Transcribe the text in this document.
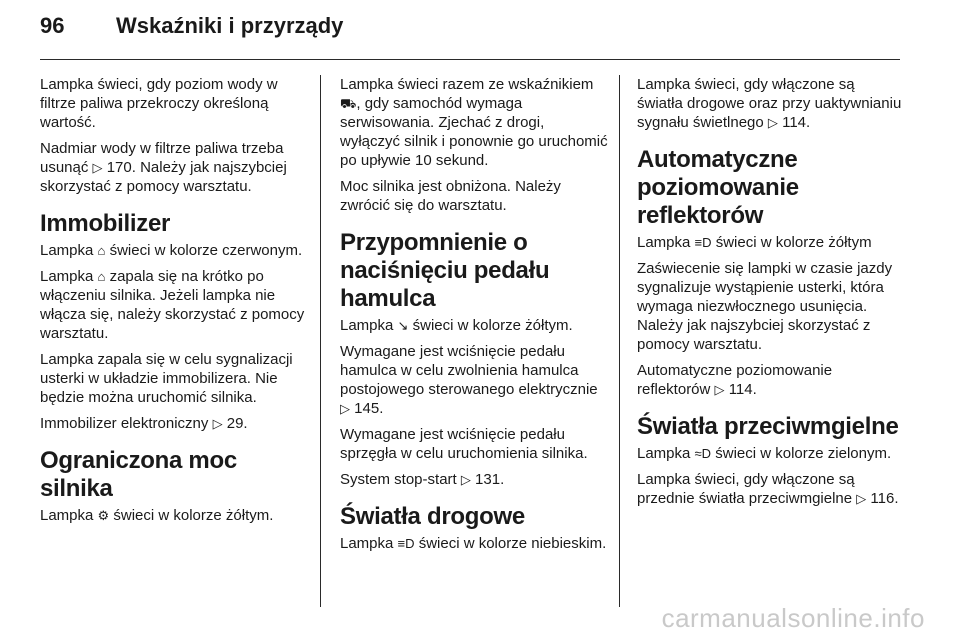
96 Wskaźniki i przyrządy

Lampka świeci, gdy poziom wody w filtrze paliwa przekroczy określoną wartość.

Nadmiar wody w filtrze paliwa trzeba usunąć ▷ 170. Należy jak najszybciej skorzystać z pomocy warsztatu.

Immobilizer

Lampka ⌂ świeci w kolorze czerwonym.

Lampka ⌂ zapala się na krótko po włączeniu silnika. Jeżeli lampka nie włącza się, należy skorzystać z pomocy warsztatu.

Lampka zapala się w celu sygnalizacji usterki w układzie immobilizera. Nie będzie można uruchomić silnika.

Immobilizer elektroniczny ▷ 29.

Ograniczona moc silnika

Lampka ⚙ świeci w kolorze żółtym.

Lampka świeci razem ze wskaźnikiem ⛟, gdy samochód wymaga serwisowania. Zjechać z drogi, wyłączyć silnik i ponownie go uruchomić po upływie 10 sekund.

Moc silnika jest obniżona. Należy zwrócić się do warsztatu.

Przypomnienie o naciśnięciu pedału hamulca

Lampka ↘ świeci w kolorze żółtym.

Wymagane jest wciśnięcie pedału hamulca w celu zwolnienia hamulca postojowego sterowanego elektrycznie ▷ 145.

Wymagane jest wciśnięcie pedału sprzęgła w celu uruchomienia silnika.

System stop-start ▷ 131.

Światła drogowe

Lampka ≡D świeci w kolorze niebieskim.

Lampka świeci, gdy włączone są światła drogowe oraz przy uaktywnianiu sygnału świetlnego ▷ 114.

Automatyczne poziomowanie reflektorów

Lampka ≡D świeci w kolorze żółtym

Zaświecenie się lampki w czasie jazdy sygnalizuje wystąpienie usterki, która wymaga niezwłocznego usunięcia. Należy jak najszybciej skorzystać z pomocy warsztatu.

Automatyczne poziomowanie reflektorów ▷ 114.

Światła przeciwmgielne

Lampka ≈D świeci w kolorze zielonym.

Lampka świeci, gdy włączone są przednie światła przeciwmgielne ▷ 116.

carmanualsonline.info
